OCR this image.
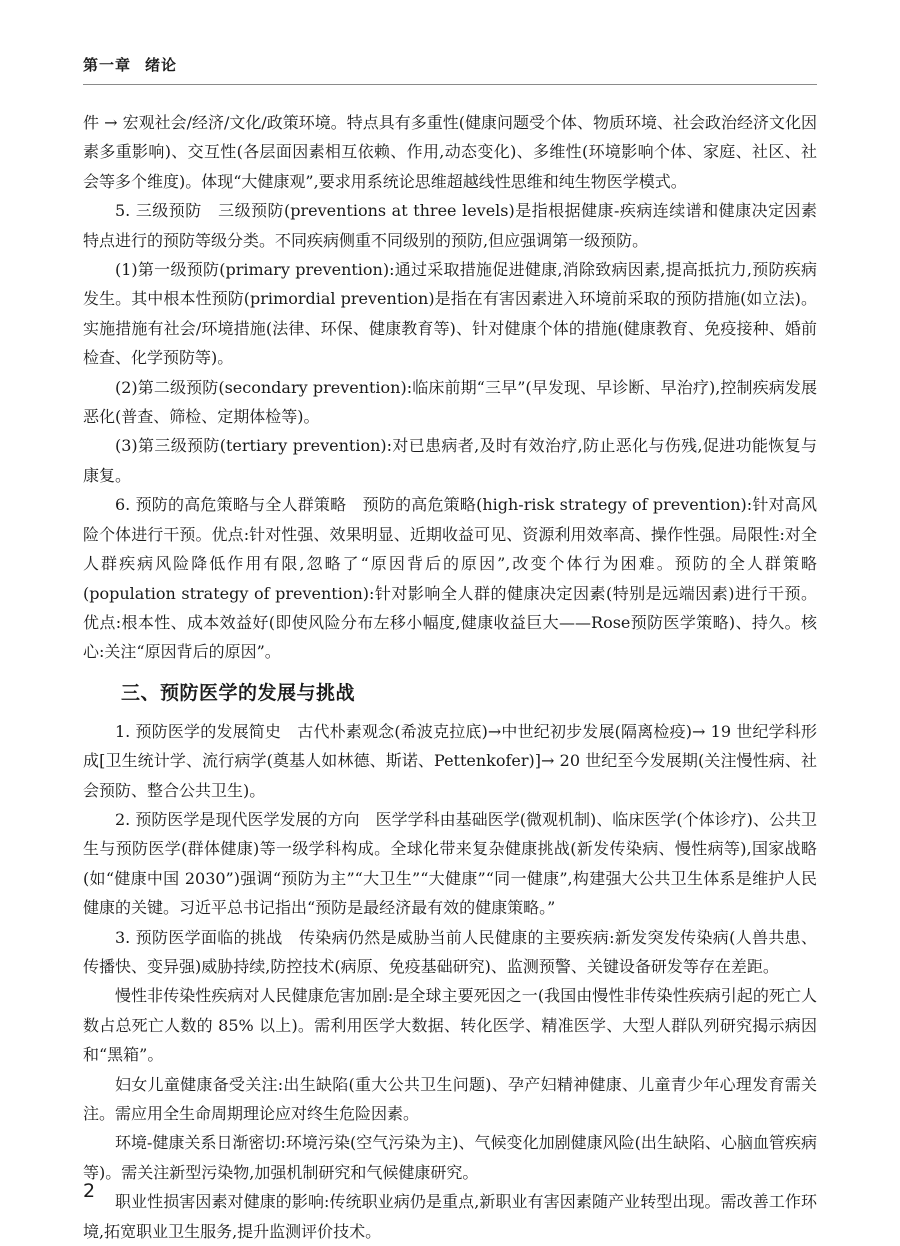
第一章 绪论

件 → 宏观社会/经济/文化/政策环境。特点具有多重性(健康问题受个体、物质环境、社会政治经济文化因素多重影响)、交互性(各层面因素相互依赖、作用,动态变化)、多维性(环境影响个体、家庭、社区、社会等多个维度)。体现“大健康观”,要求用系统论思维超越线性思维和纯生物医学模式。

5. 三级预防 三级预防(preventions at three levels)是指根据健康-疾病连续谱和健康决定因素特点进行的预防等级分类。不同疾病侧重不同级别的预防,但应强调第一级预防。

(1)第一级预防(primary prevention):通过采取措施促进健康,消除致病因素,提高抵抗力,预防疾病发生。其中根本性预防(primordial prevention)是指在有害因素进入环境前采取的预防措施(如立法)。实施措施有社会/环境措施(法律、环保、健康教育等)、针对健康个体的措施(健康教育、免疫接种、婚前检查、化学预防等)。

(2)第二级预防(secondary prevention):临床前期“三早”(早发现、早诊断、早治疗),控制疾病发展恶化(普查、筛检、定期体检等)。

(3)第三级预防(tertiary prevention):对已患病者,及时有效治疗,防止恶化与伤残,促进功能恢复与康复。

6. 预防的高危策略与全人群策略 预防的高危策略(high-risk strategy of prevention):针对高风险个体进行干预。优点:针对性强、效果明显、近期收益可见、资源利用效率高、操作性强。局限性:对全人群疾病风险降低作用有限,忽略了“原因背后的原因”,改变个体行为困难。预防的全人群策略(population strategy of prevention):针对影响全人群的健康决定因素(特别是远端因素)进行干预。优点:根本性、成本效益好(即使风险分布左移小幅度,健康收益巨大——Rose预防医学策略)、持久。核心:关注“原因背后的原因”。

三、预防医学的发展与挑战

1. 预防医学的发展简史 古代朴素观念(希波克拉底)→中世纪初步发展(隔离检疫)→ 19 世纪学科形成[卫生统计学、流行病学(奠基人如林德、斯诺、Pettenkofer)]→ 20 世纪至今发展期(关注慢性病、社会预防、整合公共卫生)。

2. 预防医学是现代医学发展的方向 医学学科由基础医学(微观机制)、临床医学(个体诊疗)、公共卫生与预防医学(群体健康)等一级学科构成。全球化带来复杂健康挑战(新发传染病、慢性病等),国家战略(如“健康中国 2030”)强调“预防为主”“大卫生”“大健康”“同一健康”,构建强大公共卫生体系是维护人民健康的关键。习近平总书记指出“预防是最经济最有效的健康策略。”

3. 预防医学面临的挑战 传染病仍然是威胁当前人民健康的主要疾病:新发突发传染病(人兽共患、传播快、变异强)威胁持续,防控技术(病原、免疫基础研究)、监测预警、关键设备研发等存在差距。

慢性非传染性疾病对人民健康危害加剧:是全球主要死因之一(我国由慢性非传染性疾病引起的死亡人数占总死亡人数的 85% 以上)。需利用医学大数据、转化医学、精准医学、大型人群队列研究揭示病因和“黑箱”。

妇女儿童健康备受关注:出生缺陷(重大公共卫生问题)、孕产妇精神健康、儿童青少年心理发育需关注。需应用全生命周期理论应对终生危险因素。

环境-健康关系日渐密切:环境污染(空气污染为主)、气候变化加剧健康风险(出生缺陷、心脑血管疾病等)。需关注新型污染物,加强机制研究和气候健康研究。

职业性损害因素对健康的影响:传统职业病仍是重点,新职业有害因素随产业转型出现。需改善工作环境,拓宽职业卫生服务,提升监测评价技术。

2
